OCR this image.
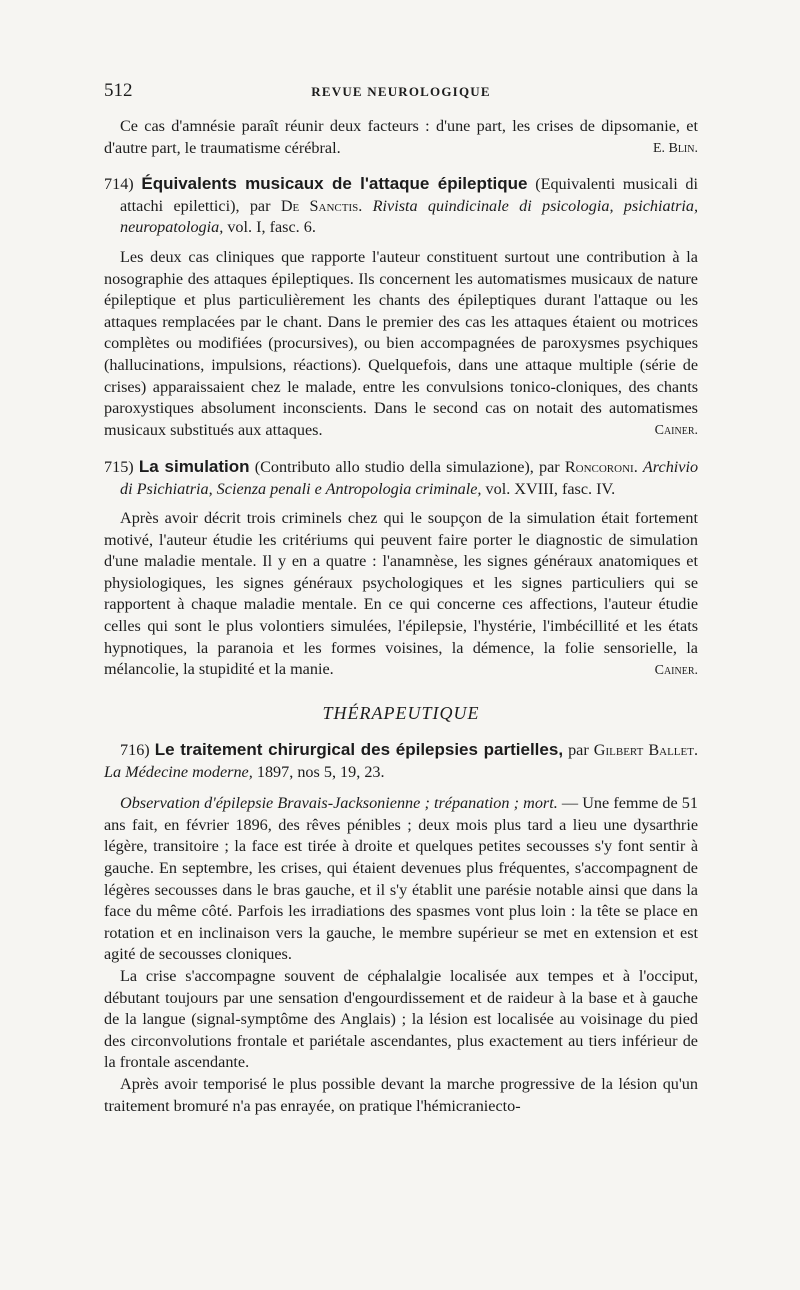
512	REVUE NEUROLOGIQUE

Ce cas d'amnésie paraît réunir deux facteurs : d'une part, les crises de dipsomanie, et d'autre part, le traumatisme cérébral.	E. Blin.

714) Équivalents musicaux de l'attaque épileptique (Equivalenti musicali di attachi epilettici), par De Sanctis. Rivista quindicinale di psicologia, psichiatria, neuropatologia, vol. I, fasc. 6.

Les deux cas cliniques que rapporte l'auteur constituent surtout une contribution à la nosographie des attaques épileptiques. Ils concernent les automatismes musicaux de nature épileptique et plus particulièrement les chants des épileptiques durant l'attaque ou les attaques remplacées par le chant. Dans le premier des cas les attaques étaient ou motrices complètes ou modifiées (procursives), ou bien accompagnées de paroxysmes psychiques (hallucinations, impulsions, réactions). Quelquefois, dans une attaque multiple (série de crises) apparaissaient chez le malade, entre les convulsions tonico-cloniques, des chants paroxystiques absolument inconscients. Dans le second cas on notait des automatismes musicaux substitués aux attaques.	Cainer.

715) La simulation (Contributo allo studio della simulazione), par Roncoroni. Archivio di Psichiatria, Scienza penali e Antropologia criminale, vol. XVIII, fasc. IV.

Après avoir décrit trois criminels chez qui le soupçon de la simulation était fortement motivé, l'auteur étudie les critériums qui peuvent faire porter le diagnostic de simulation d'une maladie mentale. Il y en a quatre : l'anamnèse, les signes généraux anatomiques et physiologiques, les signes généraux psychologiques et les signes particuliers qui se rapportent à chaque maladie mentale. En ce qui concerne ces affections, l'auteur étudie celles qui sont le plus volontiers simulées, l'épilepsie, l'hystérie, l'imbécillité et les états hypnotiques, la paranoia et les formes voisines, la démence, la folie sensorielle, la mélancolie, la stupidité et la manie.	Cainer.

THÉRAPEUTIQUE

716) Le traitement chirurgical des épilepsies partielles, par Gilbert Ballet. La Médecine moderne, 1897, nos 5, 19, 23.

Observation d'épilepsie Bravais-Jacksonienne ; trépanation ; mort. — Une femme de 51 ans fait, en février 1896, des rêves pénibles ; deux mois plus tard a lieu une dysarthrie légère, transitoire ; la face est tirée à droite et quelques petites secousses s'y font sentir à gauche. En septembre, les crises, qui étaient devenues plus fréquentes, s'accompagnent de légères secousses dans le bras gauche, et il s'y établit une parésie notable ainsi que dans la face du même côté. Parfois les irradiations des spasmes vont plus loin : la tête se place en rotation et en inclinaison vers la gauche, le membre supérieur se met en extension et est agité de secousses cloniques.

La crise s'accompagne souvent de céphalalgie localisée aux tempes et à l'occiput, débutant toujours par une sensation d'engourdissement et de raideur à la base et à gauche de la langue (signal-symptôme des Anglais) ; la lésion est localisée au voisinage du pied des circonvolutions frontale et pariétale ascendantes, plus exactement au tiers inférieur de la frontale ascendante.

Après avoir temporisé le plus possible devant la marche progressive de la lésion qu'un traitement bromuré n'a pas enrayée, on pratique l'hémicraniecto-
